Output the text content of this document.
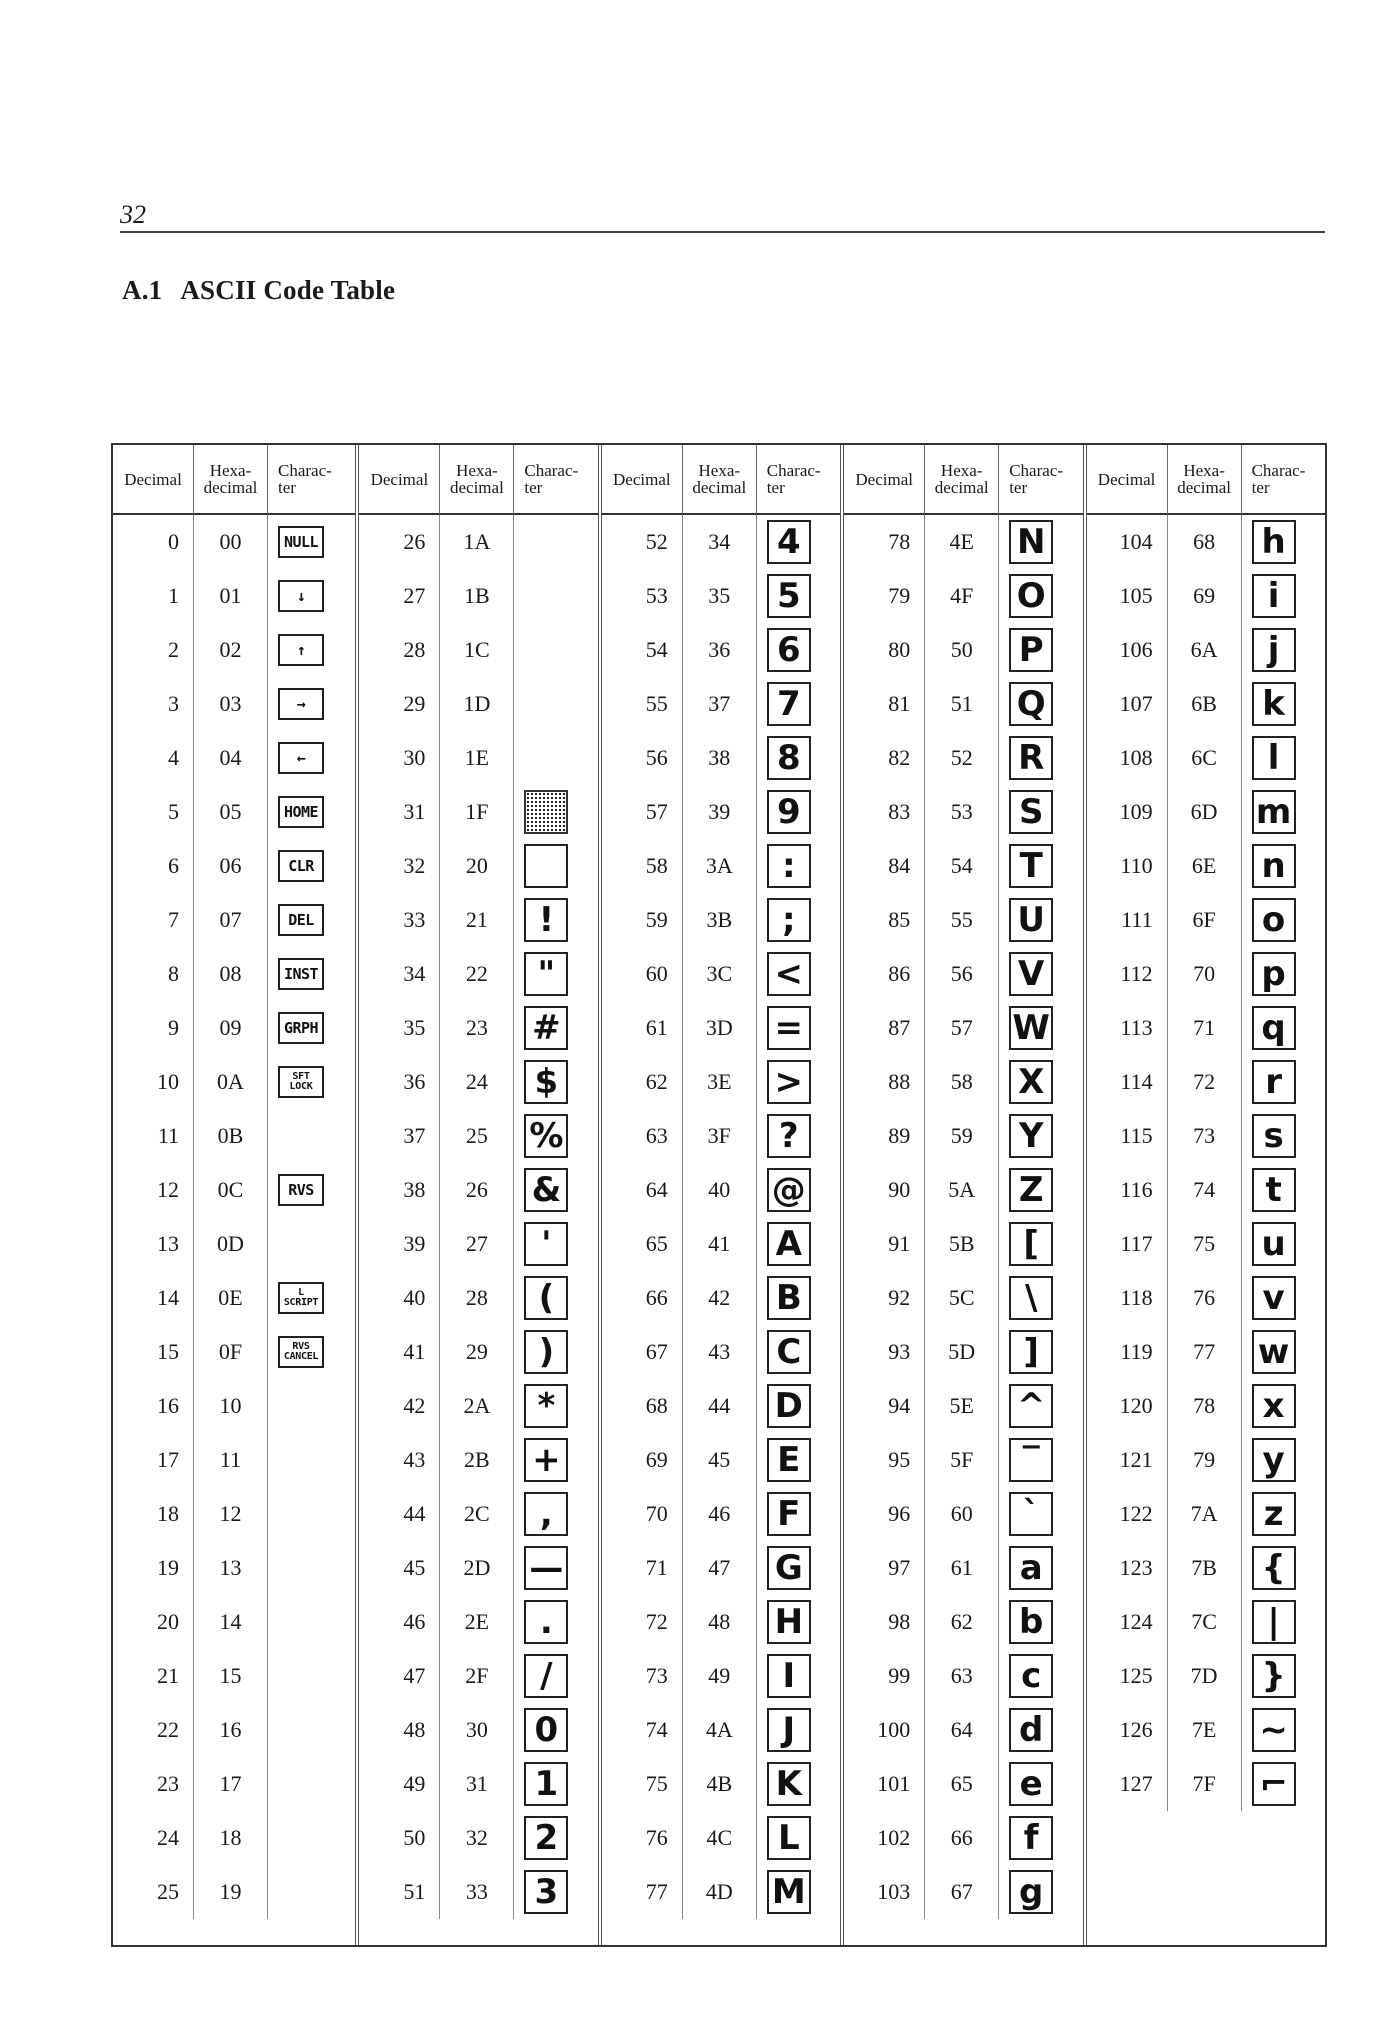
32
A.1 ASCII Code Table
Decimal	Hexa-
decimal
Charac-
ter
0	00	NULL
1	01	↓
2	02	↑
3	03	→
4	04	←
5	05	HOME
6	06	CLR
7	07	DEL
8	08	INST
9	09	GRPH
10	0A	SFT
LOCK
11	0B
12	0C	RVS
13	0D
14	0E	L
SCRIPT
15	0F	RVS
CANCEL
16	10
17	11
18	12
19	13
20	14
21	15
22	16
23	17
24	18
25	19
Decimal	Hexa-
decimal
Charac-
ter
26	1A
27	1B
28	1C
29	1D
30	1E
31	1F
32	20
33	21	!
34	22	"
35	23	#
36	24	$
37	25	%
38	26	&
39	27	'
40	28	(
41	29	)
42	2A	*
43	2B	+
44	2C	,
45	2D	—
46	2E	.
47	2F	/
48	30	0
49	31	1
50	32	2
51	33	3
Decimal	Hexa-
decimal
Charac-
ter
52	34	4
53	35	5
54	36	6
55	37	7
56	38	8
57	39	9
58	3A	:
59	3B	;
60	3C	<
61	3D	=
62	3E	>
63	3F	?
64	40	@
65	41	A
66	42	B
67	43	C
68	44	D
69	45	E
70	46	F
71	47	G
72	48	H
73	49	I
74	4A	J
75	4B	K
76	4C	L
77	4D	M
Decimal	Hexa-
decimal
Charac-
ter
78	4E	N
79	4F	O
80	50	P
81	51	Q
82	52	R
83	53	S
84	54	T
85	55	U
86	56	V
87	57	W
88	58	X
89	59	Y
90	5A	Z
91	5B	[
92	5C	\
93	5D	]
94	5E	^
95	5F	‾
96	60	`
97	61	a
98	62	b
99	63	c
100	64	d
101	65	e
102	66	f
103	67	g
Decimal	Hexa-
decimal
Charac-
ter
104	68	h
105	69	i
106	6A	j
107	6B	k
108	6C	l
109	6D	m
110	6E	n
111	6F	o
112	70	p
113	71	q
114	72	r
115	73	s
116	74	t
117	75	u
118	76	v
119	77	w
120	78	x
121	79	y
122	7A	z
123	7B	{
124	7C	|
125	7D	}
126	7E	~
127	7F	⌐
